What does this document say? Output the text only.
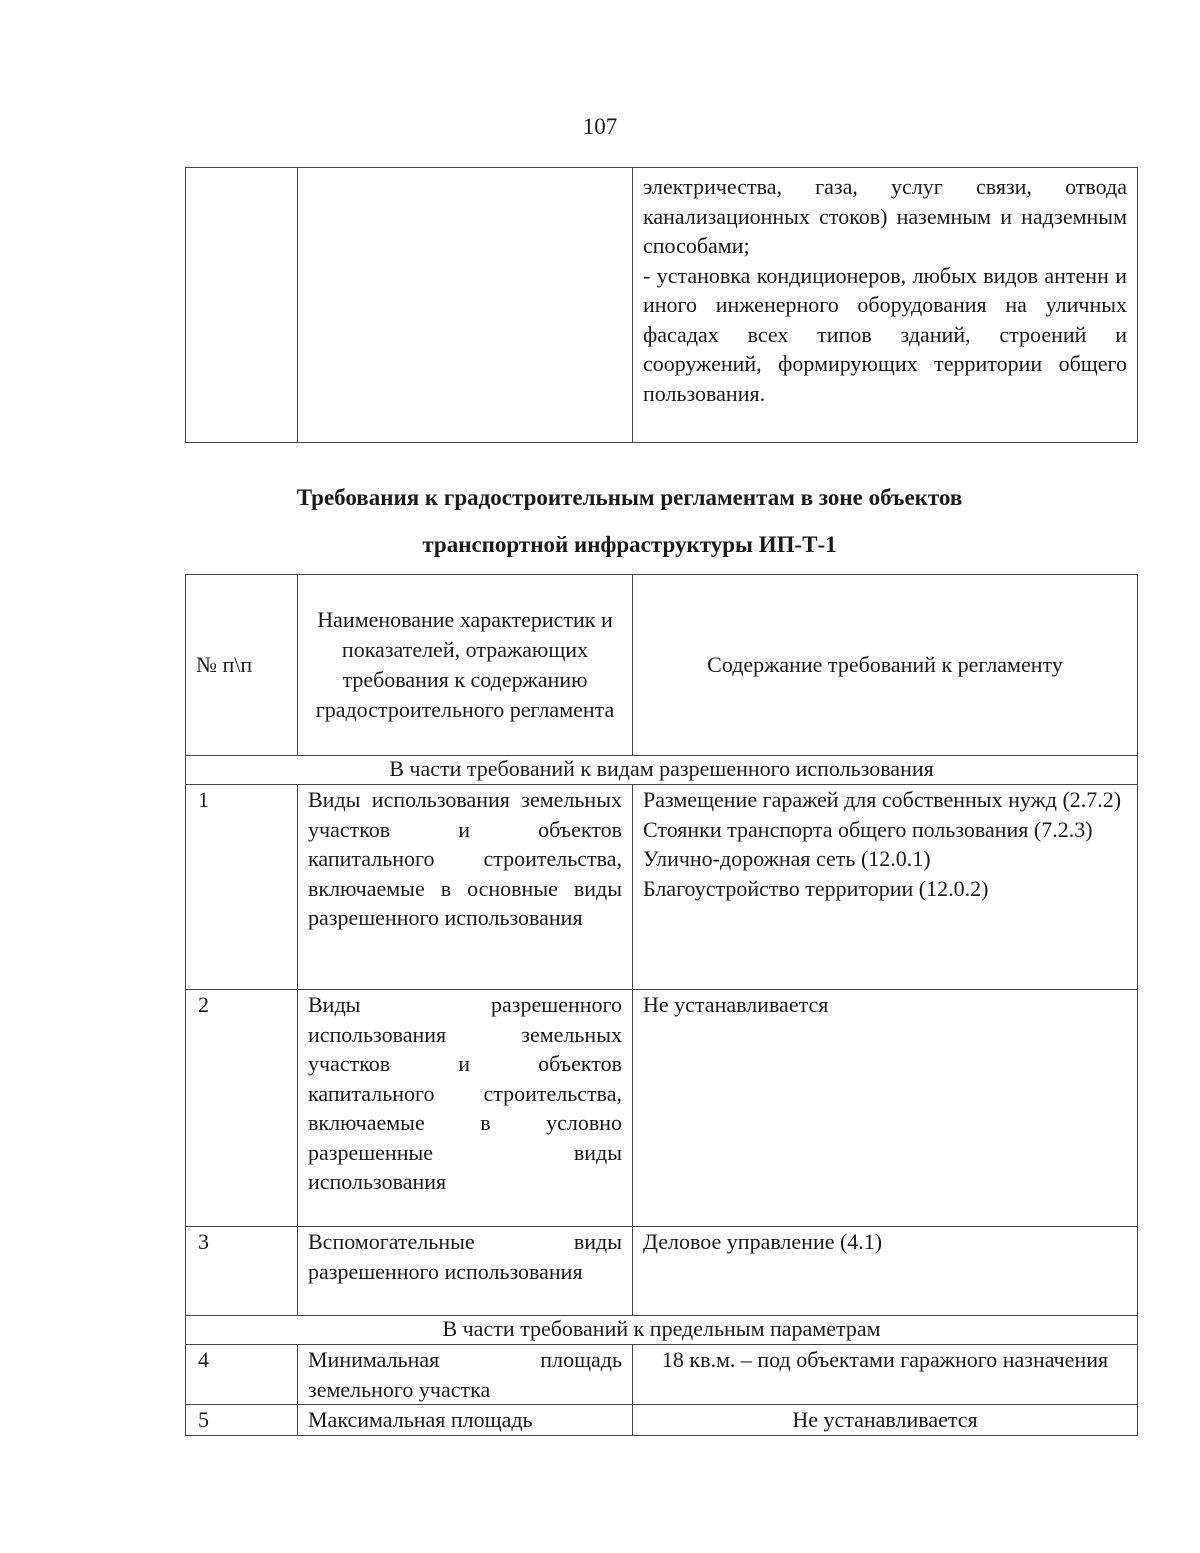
107

электричества, газа, услуг связи, отвода канализационных стоков) наземным и надземным способами;
- установка кондиционеров, любых видов антенн и иного инженерного оборудования на уличных фасадах всех типов зданий, строений и сооружений, формирующих территории общего пользования.
Требования к градостроительным регламентам в зоне объектов
транспортной инфраструктуры ИП-Т-1
№ п\п	Наименование характеристик и показателей, отражающих требования к содержанию градостроительного регламента	Содержание требований к регламенту
В части требований к видам разрешенного использования		
1	Виды использования земельных участков и объектов капитального строительства, включаемые в основные виды разрешенного использования	Размещение гаражей для собственных нужд (2.7.2)
Стоянки транспорта общего пользования (7.2.3)
Улично-дорожная сеть (12.0.1)
Благоустройство территории (12.0.2)

2	Виды разрешенного использования земельных участков и объектов капитального строительства, включаемые в условно разрешенные виды использования	Не устанавливается
3	Вспомогательные виды разрешенного использования	Деловое управление (4.1)
В части требований к предельным параметрам		
4	Минимальная площадь земельного участка	18 кв.м. – под объектами гаражного назначения
5	Максимальная площадь	Не устанавливается
